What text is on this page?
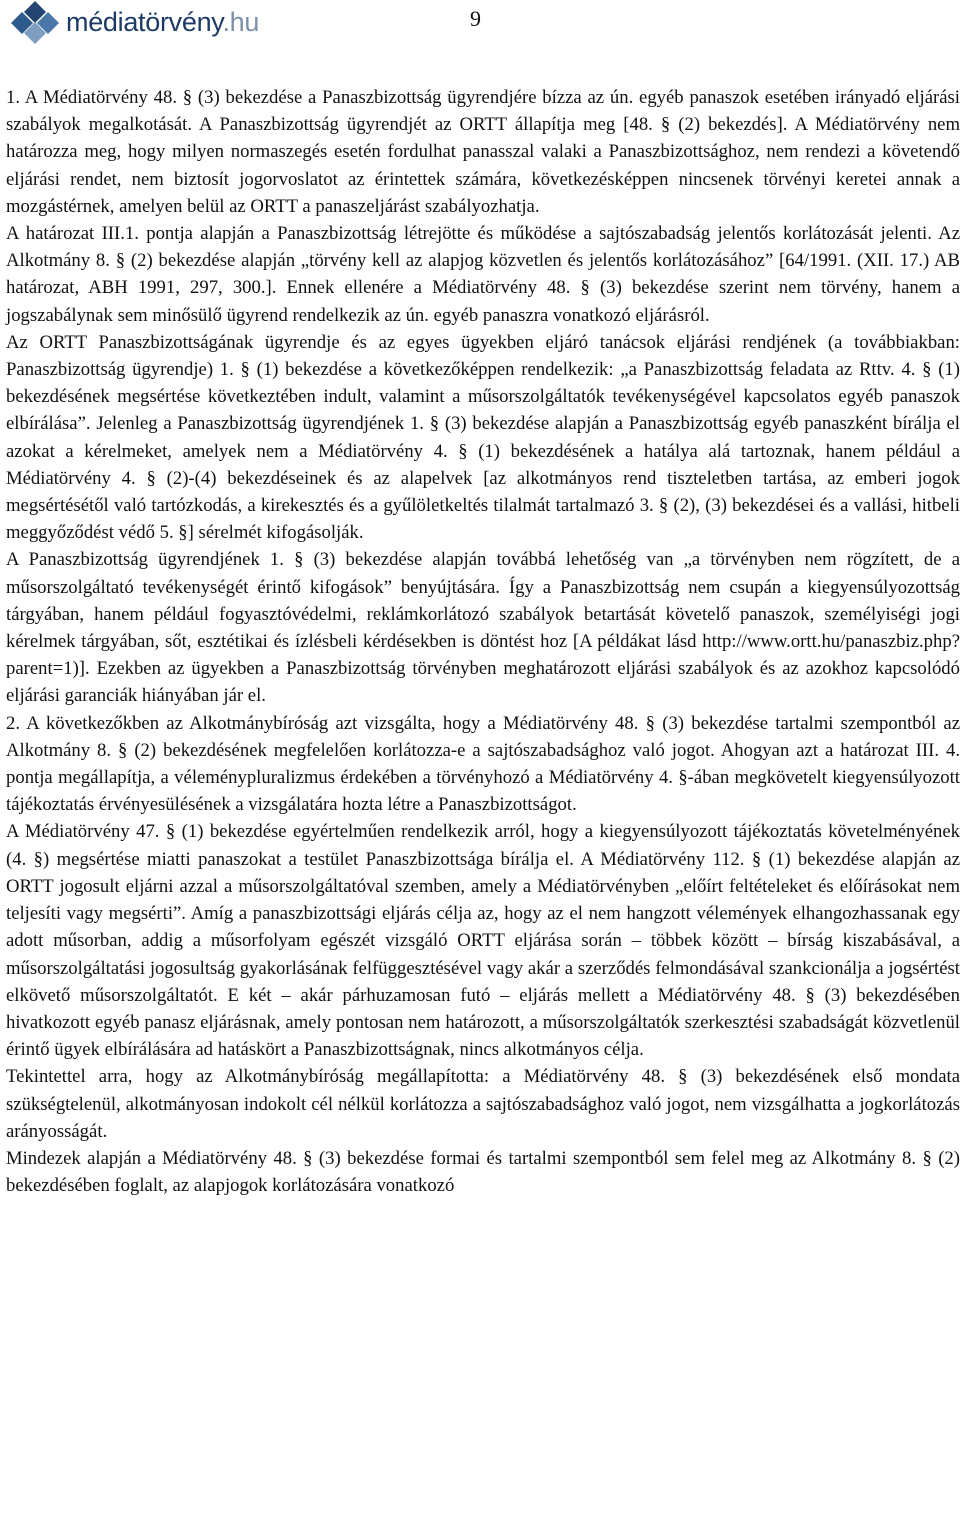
médiatörvény.hu	9

1. A Médiatörvény 48. § (3) bekezdése a Panaszbizottság ügyrendjére bízza az ún. egyéb panaszok esetében irányadó eljárási szabályok megalkotását. A Panaszbizottság ügyrendjét az ORTT állapítja meg [48. § (2) bekezdés]. A Médiatörvény nem határozza meg, hogy milyen normaszegés esetén fordulhat panasszal valaki a Panaszbizottsághoz, nem rendezi a követendő eljárási rendet, nem biztosít jogorvoslatot az érintettek számára, következésképpen nincsenek törvényi keretei annak a mozgástérnek, amelyen belül az ORTT a panaszeljárást szabályozhatja.

A határozat III.1. pontja alapján a Panaszbizottság létrejötte és működése a sajtószabadság jelentős korlátozását jelenti. Az Alkotmány 8. § (2) bekezdése alapján „törvény kell az alapjog közvetlen és jelentős korlátozásához” [64/1991. (XII. 17.) AB határozat, ABH 1991, 297, 300.]. Ennek ellenére a Médiatörvény 48. § (3) bekezdése szerint nem törvény, hanem a jogszabálynak sem minősülő ügyrend rendelkezik az ún. egyéb panaszra vonatkozó eljárásról.

Az ORTT Panaszbizottságának ügyrendje és az egyes ügyekben eljáró tanácsok eljárási rendjének (a továbbiakban: Panaszbizottság ügyrendje) 1. § (1) bekezdése a következőképpen rendelkezik: „a Panaszbizottság feladata az Rttv. 4. § (1) bekezdésének megsértése következtében indult, valamint a műsorszolgáltatók tevékenységével kapcsolatos egyéb panaszok elbírálása”. Jelenleg a Panaszbizottság ügyrendjének 1. § (3) bekezdése alapján a Panaszbizottság egyéb panaszként bírálja el azokat a kérelmeket, amelyek nem a Médiatörvény 4. § (1) bekezdésének a hatálya alá tartoznak, hanem például a Médiatörvény 4. § (2)-(4) bekezdéseinek és az alapelvek [az alkotmányos rend tiszteletben tartása, az emberi jogok megsértésétől való tartózkodás, a kirekesztés és a gyűlöletkeltés tilalmát tartalmazó 3. § (2), (3) bekezdései és a vallási, hitbeli meggyőződést védő 5. §] sérelmét kifogásolják.

A Panaszbizottság ügyrendjének 1. § (3) bekezdése alapján továbbá lehetőség van „a törvényben nem rögzített, de a műsorszolgáltató tevékenységét érintő kifogások” benyújtására. Így a Panaszbizottság nem csupán a kiegyensúlyozottság tárgyában, hanem például fogyasztóvédelmi, reklámkorlátozó szabályok betartását követelő panaszok, személyiségi jogi kérelmek tárgyában, sőt, esztétikai és ízlésbeli kérdésekben is döntést hoz [A példákat lásd http://www.ortt.hu/panaszbiz.php?parent=1)]. Ezekben az ügyekben a Panaszbizottság törvényben meghatározott eljárási szabályok és az azokhoz kapcsolódó eljárási garanciák hiányában jár el.

2. A következőkben az Alkotmánybíróság azt vizsgálta, hogy a Médiatörvény 48. § (3) bekezdése tartalmi szempontból az Alkotmány 8. § (2) bekezdésének megfelelően korlátozza-e a sajtószabadsághoz való jogot. Ahogyan azt a határozat III. 4. pontja megállapítja, a véleménypluralizmus érdekében a törvényhozó a Médiatörvény 4. §-ában megkövetelt kiegyensúlyozott tájékoztatás érvényesülésének a vizsgálatára hozta létre a Panaszbizottságot.

A Médiatörvény 47. § (1) bekezdése egyértelműen rendelkezik arról, hogy a kiegyensúlyozott tájékoztatás követelményének (4. §) megsértése miatti panaszokat a testület Panaszbizottsága bírálja el. A Médiatörvény 112. § (1) bekezdése alapján az ORTT jogosult eljárni azzal a műsorszolgáltatóval szemben, amely a Médiatörvényben „előírt feltételeket és előírásokat nem teljesíti vagy megsérti”. Amíg a panaszbizottsági eljárás célja az, hogy az el nem hangzott vélemények elhangozhassanak egy adott műsorban, addig a műsorfolyam egészét vizsgáló ORTT eljárása során – többek között – bírság kiszabásával, a műsorszolgáltatási jogosultság gyakorlásának felfüggesztésével vagy akár a szerződés felmondásával szankcionálja a jogsértést elkövető műsorszolgáltatót. E két – akár párhuzamosan futó – eljárás mellett a Médiatörvény 48. § (3) bekezdésében hivatkozott egyéb panasz eljárásnak, amely pontosan nem határozott, a műsorszolgáltatók szerkesztési szabadságát közvetlenül érintő ügyek elbírálására ad hatáskört a Panaszbizottságnak, nincs alkotmányos célja.

Tekintettel arra, hogy az Alkotmánybíróság megállapította: a Médiatörvény 48. § (3) bekezdésének első mondata szükségtelenül, alkotmányosan indokolt cél nélkül korlátozza a sajtószabadsághoz való jogot, nem vizsgálhatta a jogkorlátozás arányosságát.

Mindezek alapján a Médiatörvény 48. § (3) bekezdése formai és tartalmi szempontból sem felel meg az Alkotmány 8. § (2) bekezdésében foglalt, az alapjogok korlátozására vonatkozó
